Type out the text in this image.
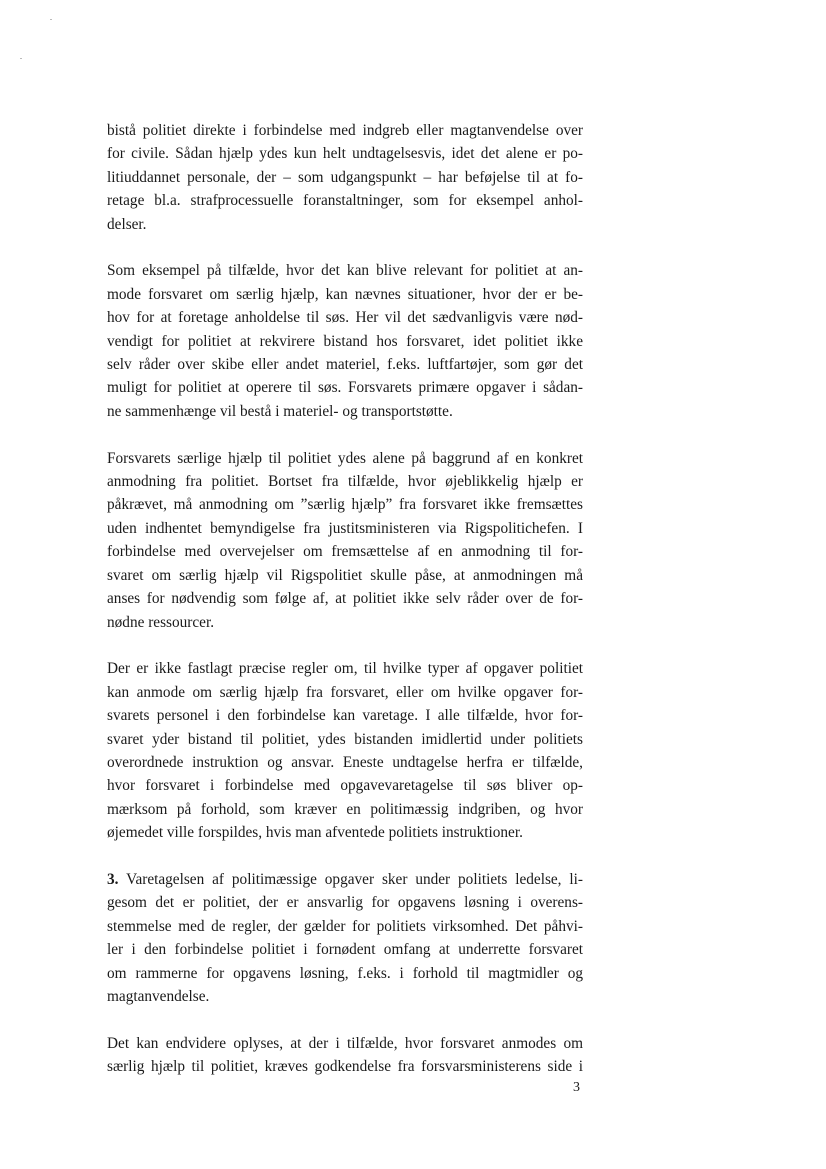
bistå politiet direkte i forbindelse med indgreb eller magtanvendelse over
for civile. Sådan hjælp ydes kun helt undtagelsesvis, idet det alene er po-
litiuddannet personale, der – som udgangspunkt – har beføjelse til at fo-
retage bl.a. strafprocessuelle foranstaltninger, som for eksempel anhol-
delser.

Som eksempel på tilfælde, hvor det kan blive relevant for politiet at an-
mode forsvaret om særlig hjælp, kan nævnes situationer, hvor der er be-
hov for at foretage anholdelse til søs. Her vil det sædvanligvis være nød-
vendigt for politiet at rekvirere bistand hos forsvaret, idet politiet ikke
selv råder over skibe eller andet materiel, f.eks. luftfartøjer, som gør det
muligt for politiet at operere til søs. Forsvarets primære opgaver i sådan-
ne sammenhænge vil bestå i materiel- og transportstøtte.

Forsvarets særlige hjælp til politiet ydes alene på baggrund af en konkret
anmodning fra politiet. Bortset fra tilfælde, hvor øjeblikkelig hjælp er
påkrævet, må anmodning om ”særlig hjælp” fra forsvaret ikke fremsættes
uden indhentet bemyndigelse fra justitsministeren via Rigspolitichefen. I
forbindelse med overvejelser om fremsættelse af en anmodning til for-
svaret om særlig hjælp vil Rigspolitiet skulle påse, at anmodningen må
anses for nødvendig som følge af, at politiet ikke selv råder over de for-
nødne ressourcer.

Der er ikke fastlagt præcise regler om, til hvilke typer af opgaver politiet
kan anmode om særlig hjælp fra forsvaret, eller om hvilke opgaver for-
svarets personel i den forbindelse kan varetage. I alle tilfælde, hvor for-
svaret yder bistand til politiet, ydes bistanden imidlertid under politiets
overordnede instruktion og ansvar. Eneste undtagelse herfra er tilfælde,
hvor forsvaret i forbindelse med opgavevaretagelse til søs bliver op-
mærksom på forhold, som kræver en politimæssig indgriben, og hvor
øjemedet ville forspildes, hvis man afventede politiets instruktioner.

3. Varetagelsen af politimæssige opgaver sker under politiets ledelse, li-
gesom det er politiet, der er ansvarlig for opgavens løsning i overens-
stemmelse med de regler, der gælder for politiets virksomhed. Det påhvi-
ler i den forbindelse politiet i fornødent omfang at underrette forsvaret
om rammerne for opgavens løsning, f.eks. i forhold til magtmidler og
magtanvendelse.

Det kan endvidere oplyses, at der i tilfælde, hvor forsvaret anmodes om
særlig hjælp til politiet, kræves godkendelse fra forsvarsministerens side i

3
